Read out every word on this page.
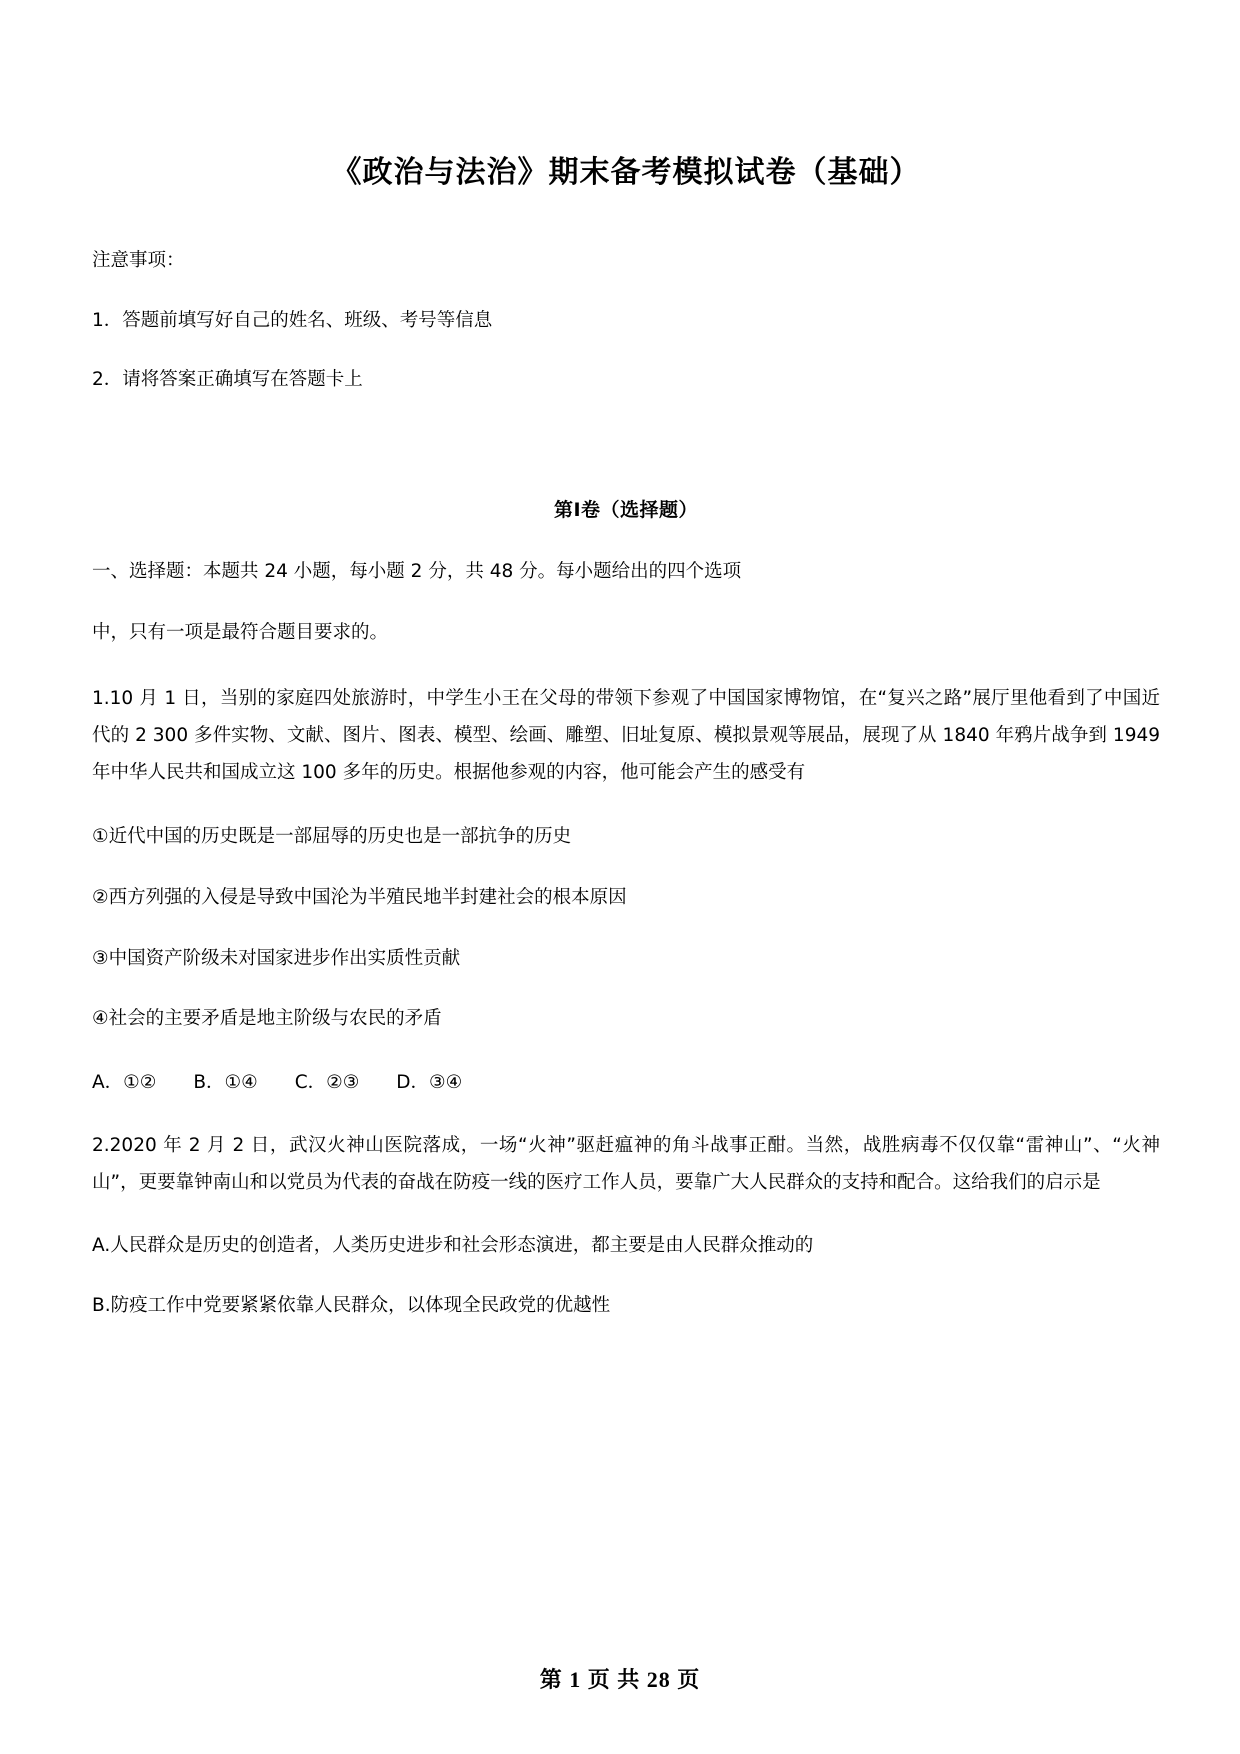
《政治与法治》期末备考模拟试卷（基础）

注意事项：

1．答题前填写好自己的姓名、班级、考号等信息

2．请将答案正确填写在答题卡上

第I卷（选择题）

一、选择题：本题共 24 小题，每小题 2 分，共 48 分。每小题给出的四个选项

中，只有一项是最符合题目要求的。

1.10 月 1 日，当别的家庭四处旅游时，中学生小王在父母的带领下参观了中国国家博物馆，在“复兴之路”展厅里他看到了中国近代的 2 300 多件实物、文献、图片、图表、模型、绘画、雕塑、旧址复原、模拟景观等展品，展现了从 1840 年鸦片战争到 1949 年中华人民共和国成立这 100 多年的历史。根据他参观的内容，他可能会产生的感受有

①近代中国的历史既是一部屈辱的历史也是一部抗争的历史

②西方列强的入侵是导致中国沦为半殖民地半封建社会的根本原因

③中国资产阶级未对国家进步作出实质性贡献

④社会的主要矛盾是地主阶级与农民的矛盾

A．①②　　B．①④　　C．②③　　D．③④

2.2020 年 2 月 2 日，武汉火神山医院落成，一场“火神”驱赶瘟神的角斗战事正酣。当然，战胜病毒不仅仅靠“雷神山”、“火神山”，更要靠钟南山和以党员为代表的奋战在防疫一线的医疗工作人员，要靠广大人民群众的支持和配合。这给我们的启示是

A.人民群众是历史的创造者，人类历史进步和社会形态演进，都主要是由人民群众推动的

B.防疫工作中党要紧紧依靠人民群众，以体现全民政党的优越性

第 1 页 共 28 页
